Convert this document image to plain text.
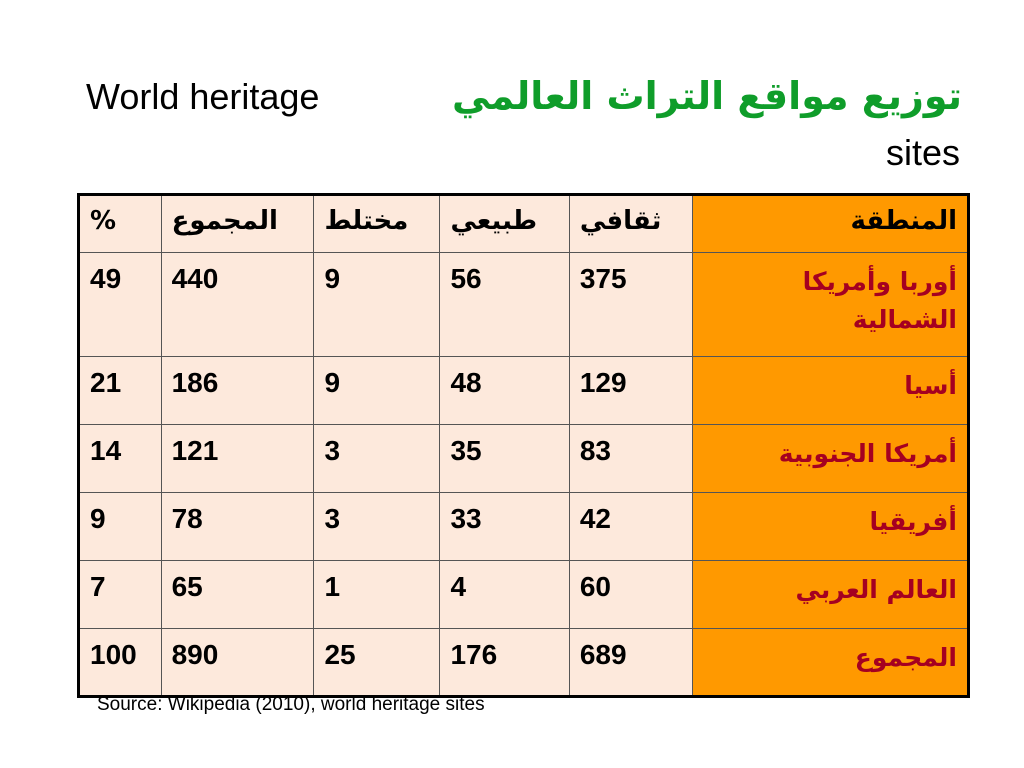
توزيع مواقع التراث العالمي
World heritage
sites
المنطقة	ثقافي	طبيعي	مختلط	المجموع	%

أوربا وأمريكا
الشمالية	375	56	9	440	49
أسيا	129	48	9	186	21
أمريكا الجنوبية	83	35	3	121	14
أفريقيا	42	33	3	78	9
العالم العربي	60	4	1	65	7
المجموع	689	176	25	890	100
Source: Wikipedia (2010), world heritage sites
